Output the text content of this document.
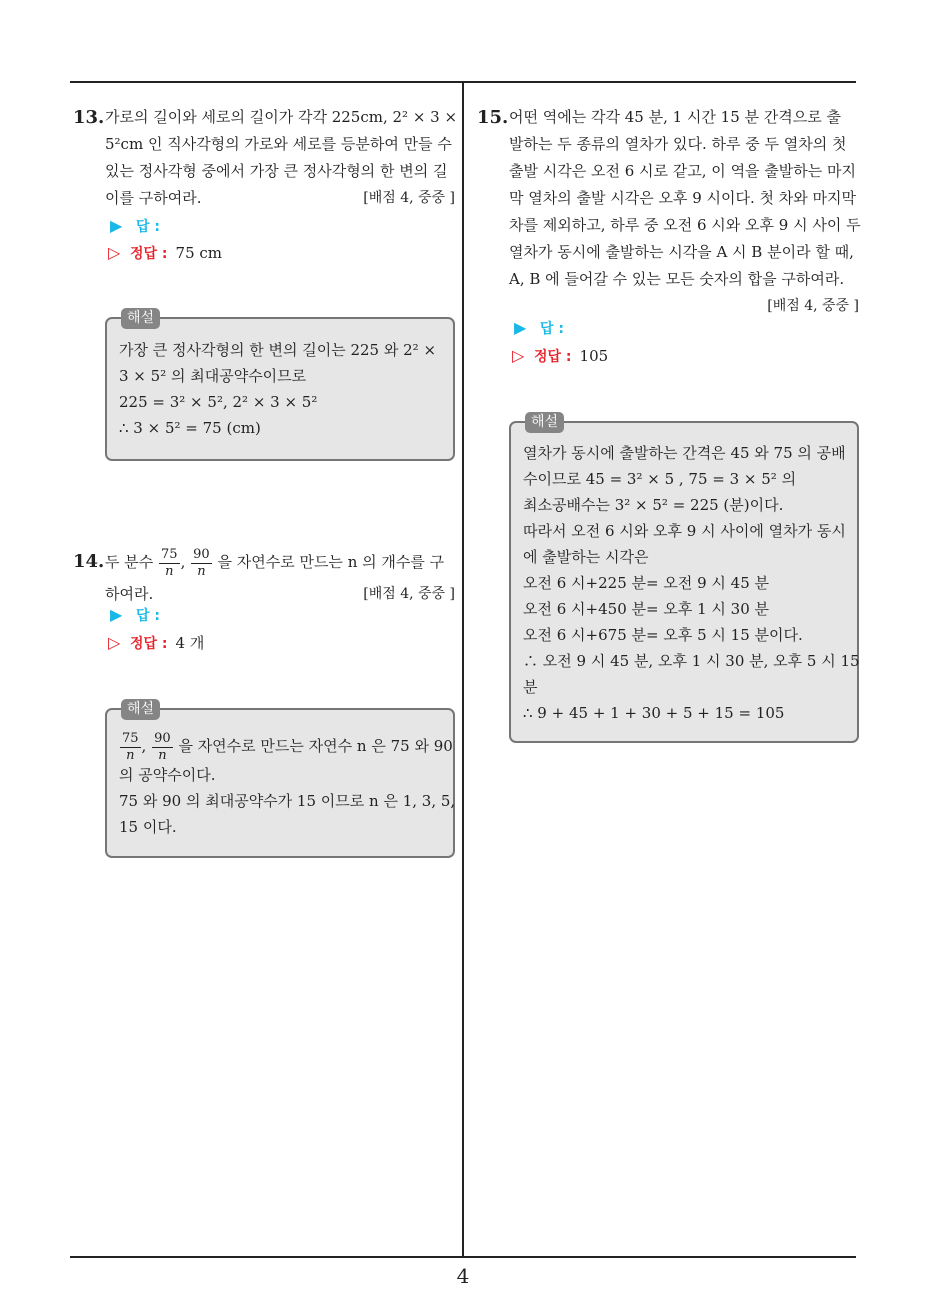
4
13. 가로의 길이와 세로의 길이가 각각 225cm, 2² × 3 ×
5²cm 인 직사각형의 가로와 세로를 등분하여 만들 수
있는 정사각형 중에서 가장 큰 정사각형의 한 변의 길
이를 구하여라.	[배점 4, 중중 ]
▶ 답 :
▷ 정답 : 75 cm
해설
가장 큰 정사각형의 한 변의 길이는 225 와 2² ×
3 × 5² 의 최대공약수이므로
225 = 3² × 5², 2² × 3 × 5²
∴ 3 × 5² = 75 (cm)
14. 두 분수 $\frac{75}{n}$ , $\frac{90}{n}$ 을 자연수로 만드는 n 의 개수를 구
하여라.	[배점 4, 중중 ]
▶ 답 :
▷ 정답 : 4 개
해설
$\frac{75}{n}$ , $\frac{90}{n}$ 을 자연수로 만드는 자연수 n 은 75 와 90
의 공약수이다.
75 와 90 의 최대공약수가 15 이므로 n 은 1, 3, 5,
15 이다.
15. 어떤 역에는 각각 45 분, 1 시간 15 분 간격으로 출
발하는 두 종류의 열차가 있다. 하루 중 두 열차의 첫
출발 시각은 오전 6 시로 같고, 이 역을 출발하는 마지
막 열차의 출발 시각은 오후 9 시이다. 첫 차와 마지막
차를 제외하고, 하루 중 오전 6 시와 오후 9 시 사이 두
열차가 동시에 출발하는 시각을 A 시 B 분이라 할 때,
A, B 에 들어갈 수 있는 모든 숫자의 합을 구하여라.
[배점 4, 중중 ]
▶ 답 :
▷ 정답 : 105
해설
열차가 동시에 출발하는 간격은 45 와 75 의 공배
수이므로 45 = 3² × 5 , 75 = 3 × 5² 의
최소공배수는 3² × 5² = 225 (분)이다.
따라서 오전 6 시와 오후 9 시 사이에 열차가 동시
에 출발하는 시각은
오전 6 시+225 분= 오전 9 시 45 분
오전 6 시+450 분= 오후 1 시 30 분
오전 6 시+675 분= 오후 5 시 15 분이다.
∴ 오전 9 시 45 분, 오후 1 시 30 분, 오후 5 시 15
분
∴ 9 + 45 + 1 + 30 + 5 + 15 = 105
